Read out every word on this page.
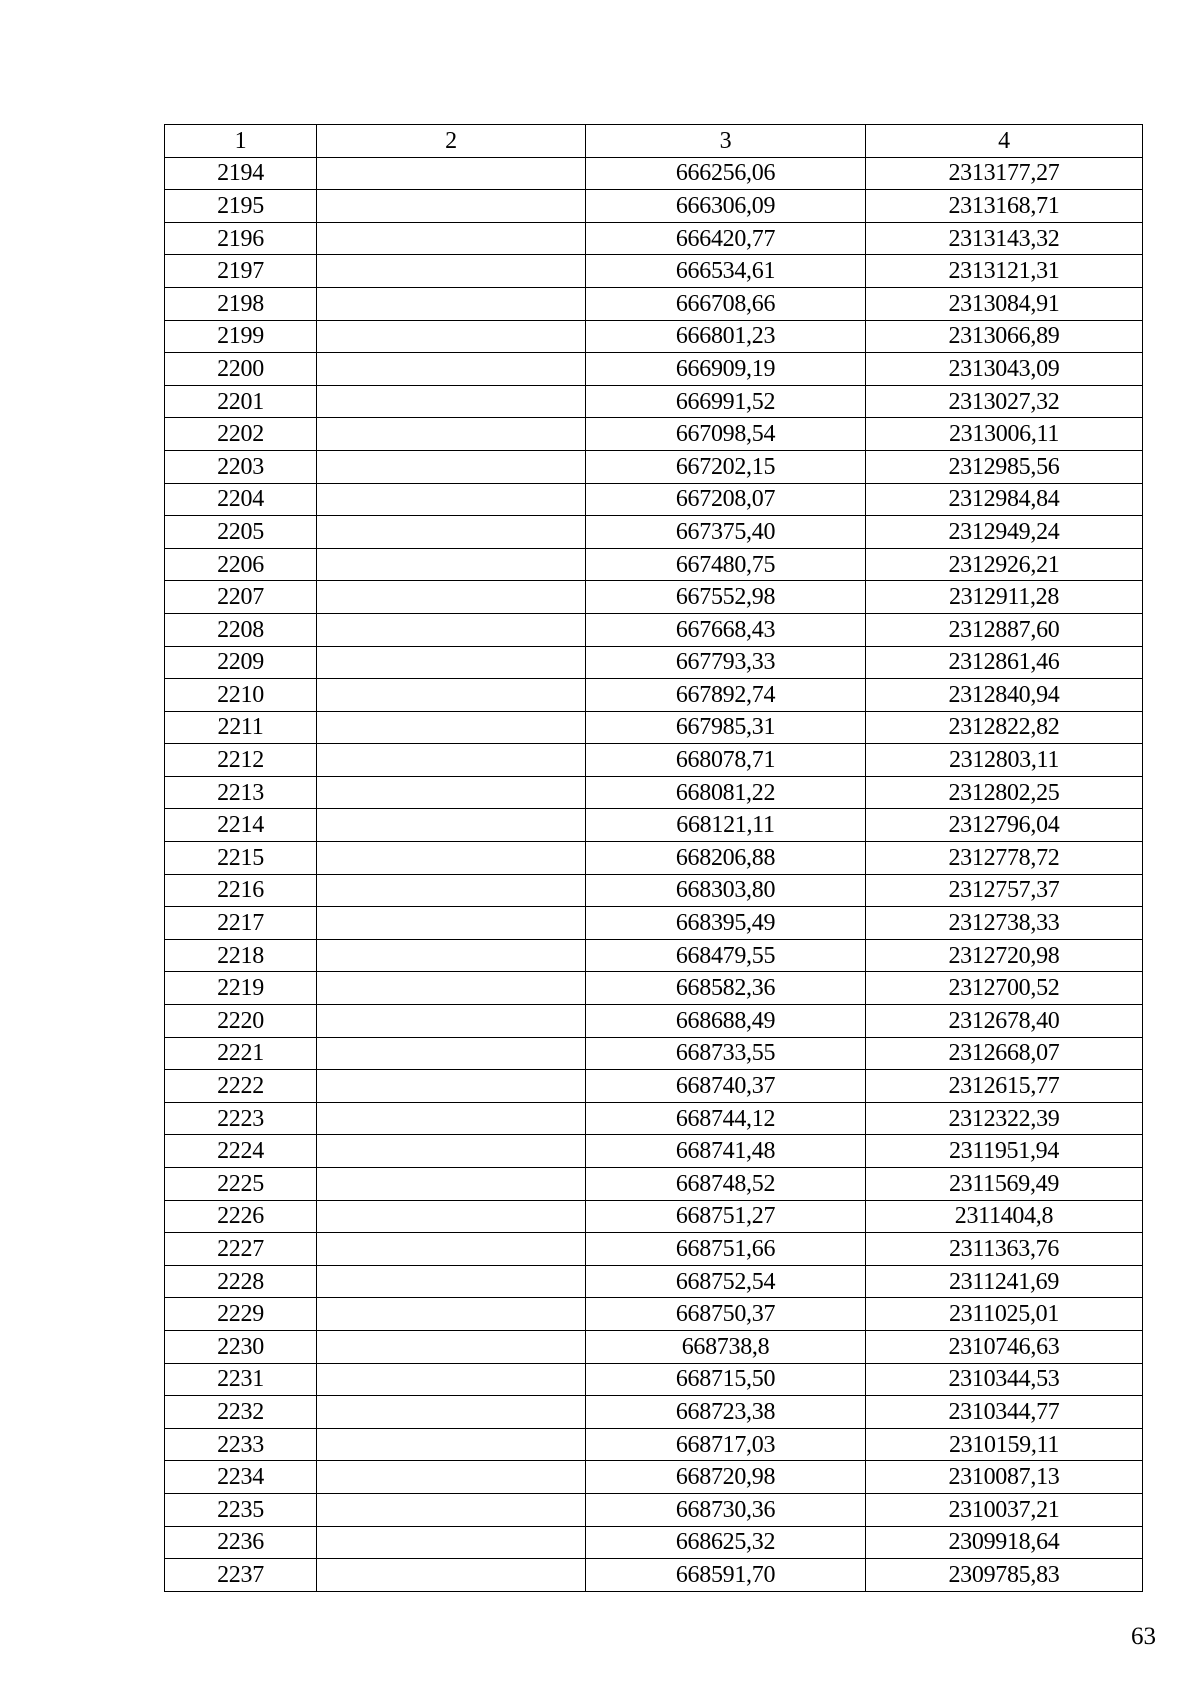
1	2	3	4
2194		666256,06	2313177,27
2195		666306,09	2313168,71
2196		666420,77	2313143,32
2197		666534,61	2313121,31
2198		666708,66	2313084,91
2199		666801,23	2313066,89
2200		666909,19	2313043,09
2201		666991,52	2313027,32
2202		667098,54	2313006,11
2203		667202,15	2312985,56
2204		667208,07	2312984,84
2205		667375,40	2312949,24
2206		667480,75	2312926,21
2207		667552,98	2312911,28
2208		667668,43	2312887,60
2209		667793,33	2312861,46
2210		667892,74	2312840,94
2211		667985,31	2312822,82
2212		668078,71	2312803,11
2213		668081,22	2312802,25
2214		668121,11	2312796,04
2215		668206,88	2312778,72
2216		668303,80	2312757,37
2217		668395,49	2312738,33
2218		668479,55	2312720,98
2219		668582,36	2312700,52
2220		668688,49	2312678,40
2221		668733,55	2312668,07
2222		668740,37	2312615,77
2223		668744,12	2312322,39
2224		668741,48	2311951,94
2225		668748,52	2311569,49
2226		668751,27	2311404,8
2227		668751,66	2311363,76
2228		668752,54	2311241,69
2229		668750,37	2311025,01
2230		668738,8	2310746,63
2231		668715,50	2310344,53
2232		668723,38	2310344,77
2233		668717,03	2310159,11
2234		668720,98	2310087,13
2235		668730,36	2310037,21
2236		668625,32	2309918,64
2237		668591,70	2309785,83
63
